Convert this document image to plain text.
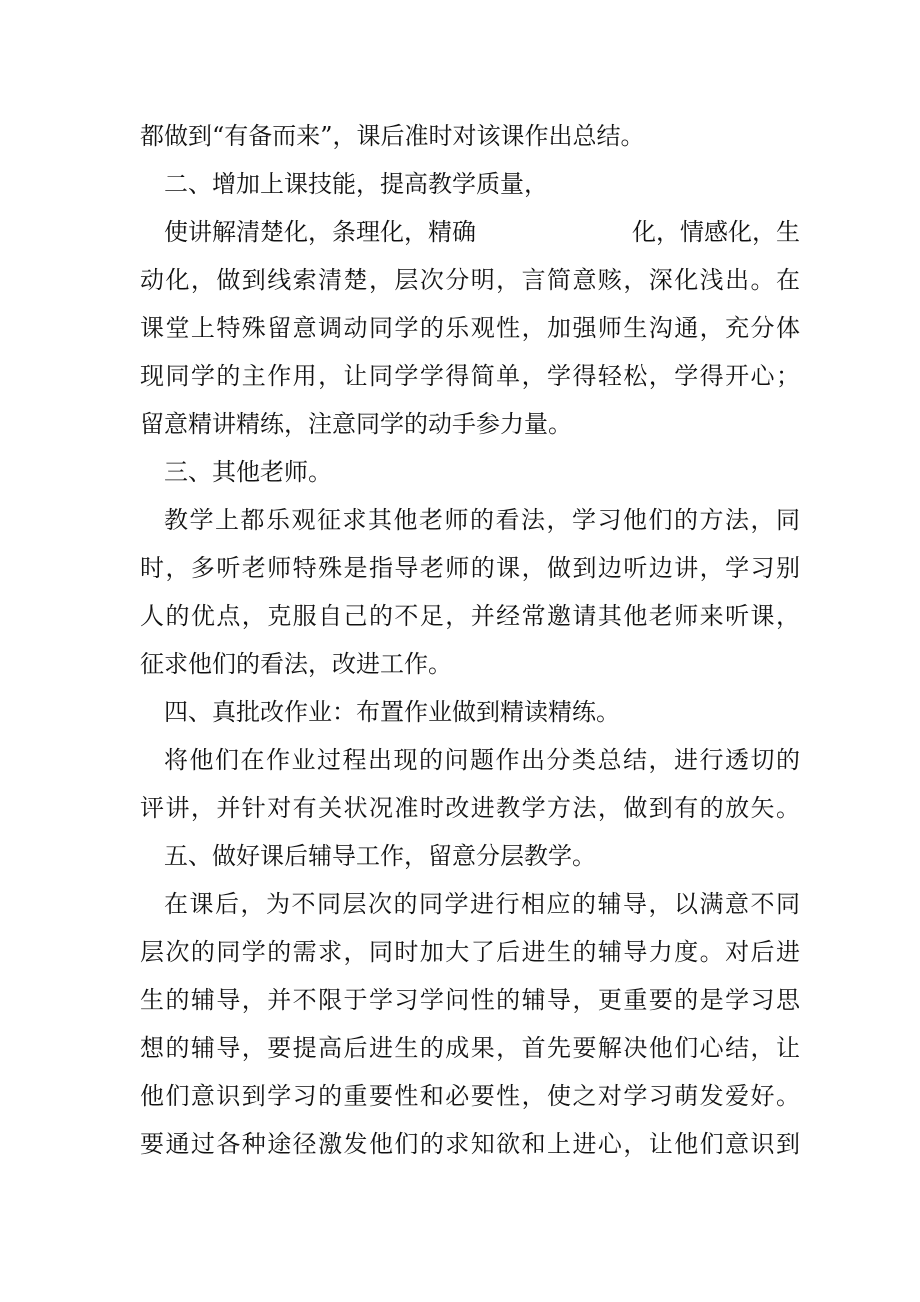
都做到“有备而来”，课后准时对该课作出总结。
二、增加上课技能，提高教学质量，
使讲解清楚化，条理化，精确	化，情感化，生
动化，做到线索清楚，层次分明，言简意赅，深化浅出。在
课堂上特殊留意调动同学的乐观性，加强师生沟通，充分体
现同学的主作用，让同学学得简单，学得轻松，学得开心；
留意精讲精练，注意同学的动手参力量。
三、其他老师。
教学上都乐观征求其他老师的看法，学习他们的方法，同
时，多听老师特殊是指导老师的课，做到边听边讲，学习别
人的优点，克服自己的不足，并经常邀请其他老师来听课，
征求他们的看法，改进工作。
四、真批改作业：布置作业做到精读精练。
将他们在作业过程出现的问题作出分类总结，进行透切的
评讲，并针对有关状况准时改进教学方法，做到有的放矢。
五、做好课后辅导工作，留意分层教学。
在课后，为不同层次的同学进行相应的辅导，以满意不同
层次的同学的需求，同时加大了后进生的辅导力度。对后进
生的辅导，并不限于学习学问性的辅导，更重要的是学习思
想的辅导，要提高后进生的成果，首先要解决他们心结，让
他们意识到学习的重要性和必要性，使之对学习萌发爱好。
要通过各种途径激发他们的求知欲和上进心，让他们意识到
